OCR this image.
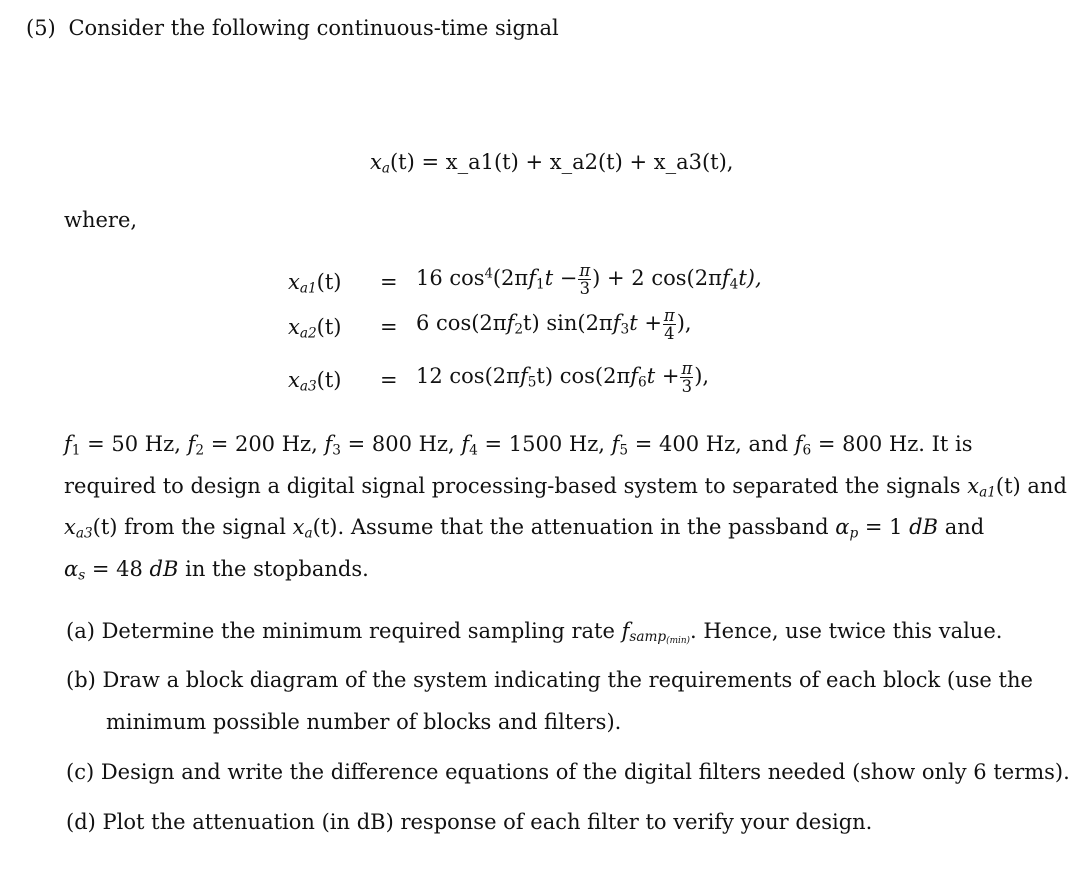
(5) Consider the following continuous-time signal
$x_a(t)$ = x_a1(t) + x_a2(t) + x_a3(t),
where,
$x_{a1}(t) = 16$ $\cos^4(2\pi f_1t - \frac{\pi}{3}$ ) + 2 $\cos(2\pi f_4t)$,
$x_{a2}(t) = 6$ $\cos(2\pi f_2t) \sin(2\pi f_3t + \frac{\pi}{4}$ ),
$x_{a3}(t) = 12$ $\cos(2\pi f_5t) \cos(2\pi f_6t + \frac{\pi}{3}$ ),
$f_1 = 50$ Hz, $f_2 = 200$ Hz, $f_3 = 800$ Hz, $f_4 = 1500$ Hz, $f_5 = 400$ Hz, and $f_6 = 800$ Hz. It is
required to design a digital signal processing-based system to separated the signals $x_{a1}(t)$ and
$x_{a3}(t)$ from the signal $x_a(t)$. Assume that the attenuation in the passband $\alpha_p = 1$ dB and
$\alpha_s = 48$ dB in the stopbands.
(a) Determine the minimum required sampling rate $f_{samp_{(min)}}$. Hence, use twice this value.
(b) Draw a block diagram of the system indicating the requirements of each block (use the
minimum possible number of blocks and filters).
(c) Design and write the difference equations of the digital filters needed (show only 6 terms).
(d) Plot the attenuation (in dB) response of each filter to verify your design.
